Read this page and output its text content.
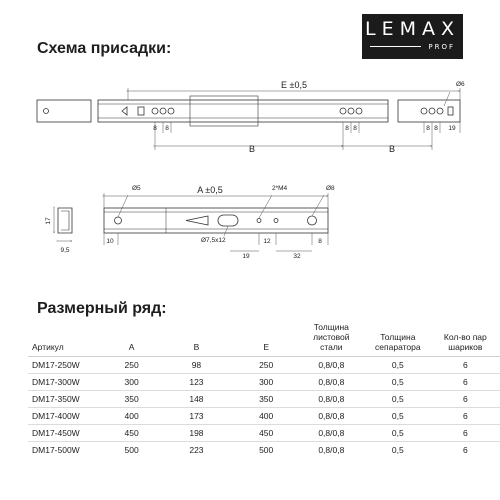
Схема присадки:
LEMAX
PROF
E ±0,5	Ø6
8 8	8 8	8 8 19
B	B
A ±0,5
Ø5	2*M4	Ø8
Ø7,5x12
17
9,5
10
19
12
32
8
Размерный ряд:
Артикул	A	B	E	Толщина
листовой
стали	Толщина
сепаратора	Кол-во пар
шариков
DM17-250W	250	98	250	0,8/0,8	0,5	6
DM17-300W	300	123	300	0,8/0,8	0,5	6
DM17-350W	350	148	350	0,8/0,8	0,5	6
DM17-400W	400	173	400	0,8/0,8	0,5	6
DM17-450W	450	198	450	0,8/0,8	0,5	6
DM17-500W	500	223	500	0,8/0,8	0,5	6
